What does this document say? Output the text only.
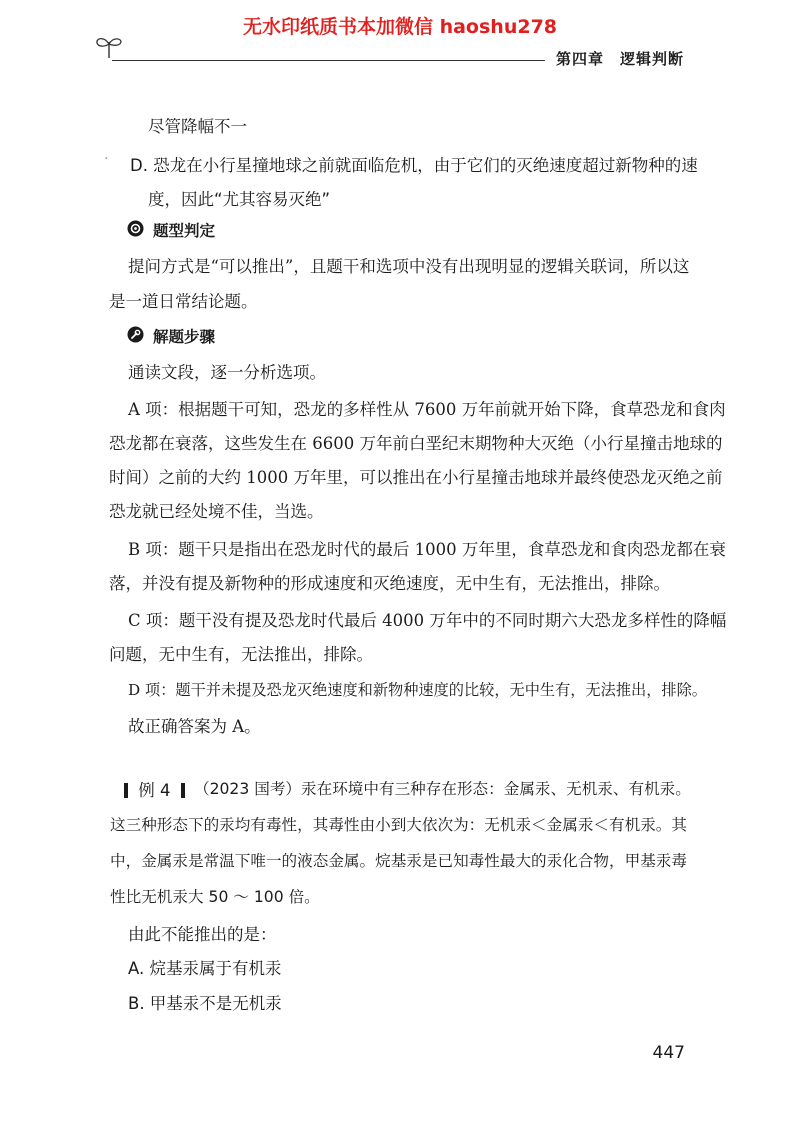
无水印纸质书本加微信 haoshu278
第四章　逻辑判断
尽管降幅不一
· D. 恐龙在小行星撞地球之前就面临危机，由于它们的灭绝速度超过新物种的速
度，因此“尤其容易灭绝”
题型判定
提问方式是“可以推出”，且题干和选项中没有出现明显的逻辑关联词，所以这
是一道日常结论题。
解题步骤
通读文段，逐一分析选项。
A 项：根据题干可知，恐龙的多样性从 7600 万年前就开始下降，食草恐龙和食肉
恐龙都在衰落，这些发生在 6600 万年前白垩纪末期物种大灭绝（小行星撞击地球的
时间）之前的大约 1000 万年里，可以推出在小行星撞击地球并最终使恐龙灭绝之前
恐龙就已经处境不佳，当选。
B 项：题干只是指出在恐龙时代的最后 1000 万年里，食草恐龙和食肉恐龙都在衰
落，并没有提及新物种的形成速度和灭绝速度，无中生有，无法推出，排除。
C 项：题干没有提及恐龙时代最后 4000 万年中的不同时期六大恐龙多样性的降幅
问题，无中生有，无法推出，排除。
D 项：题干并未提及恐龙灭绝速度和新物种速度的比较，无中生有，无法推出，排除。
故正确答案为 A。
例 4	（2023 国考）汞在环境中有三种存在形态：金属汞、无机汞、有机汞。
这三种形态下的汞均有毒性，其毒性由小到大依次为：无机汞＜金属汞＜有机汞。其
中，金属汞是常温下唯一的液态金属。烷基汞是已知毒性最大的汞化合物，甲基汞毒
性比无机汞大 50 ～ 100 倍。
由此不能推出的是：
A. 烷基汞属于有机汞
B. 甲基汞不是无机汞
447
